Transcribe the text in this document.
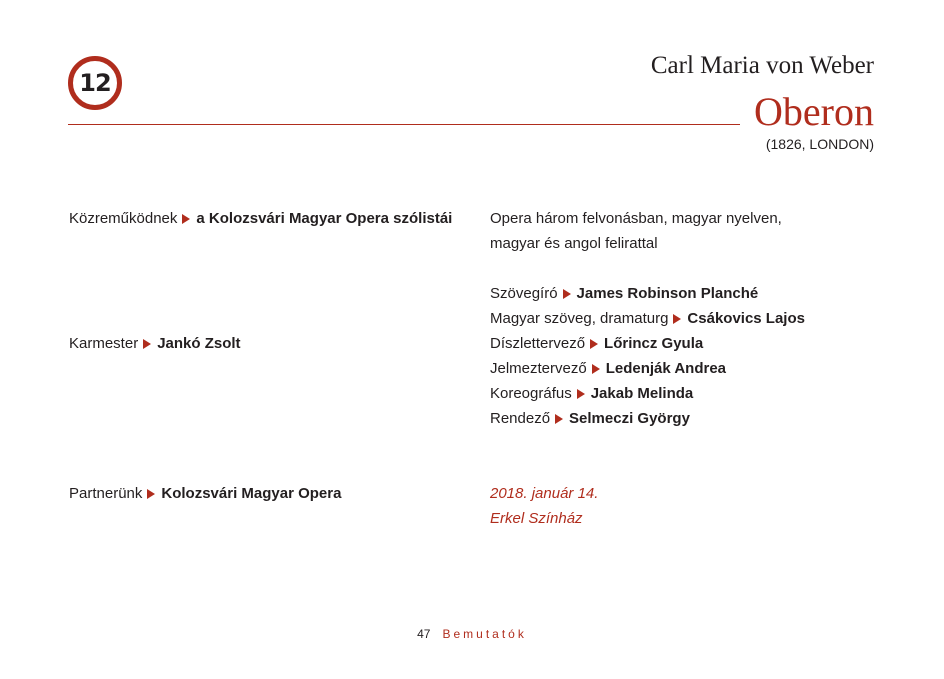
12
Carl Maria von Weber
Oberon
(1826, LONDON)
Közreműködnek a Kolozsvári Magyar Opera szólistái
Karmester Jankó Zsolt
Partnerünk Kolozsvári Magyar Opera
Opera három felvonásban, magyar nyelven,
magyar és angol felirattal
Szövegíró James Robinson Planché
Magyar szöveg, dramaturg Csákovics Lajos
Díszlettervező Lőrincz Gyula
Jelmeztervező Ledenják Andrea
Koreográfus Jakab Melinda
Rendező Selmeczi György
2018. január 14.
Erkel Színház
47 Bemutatók
